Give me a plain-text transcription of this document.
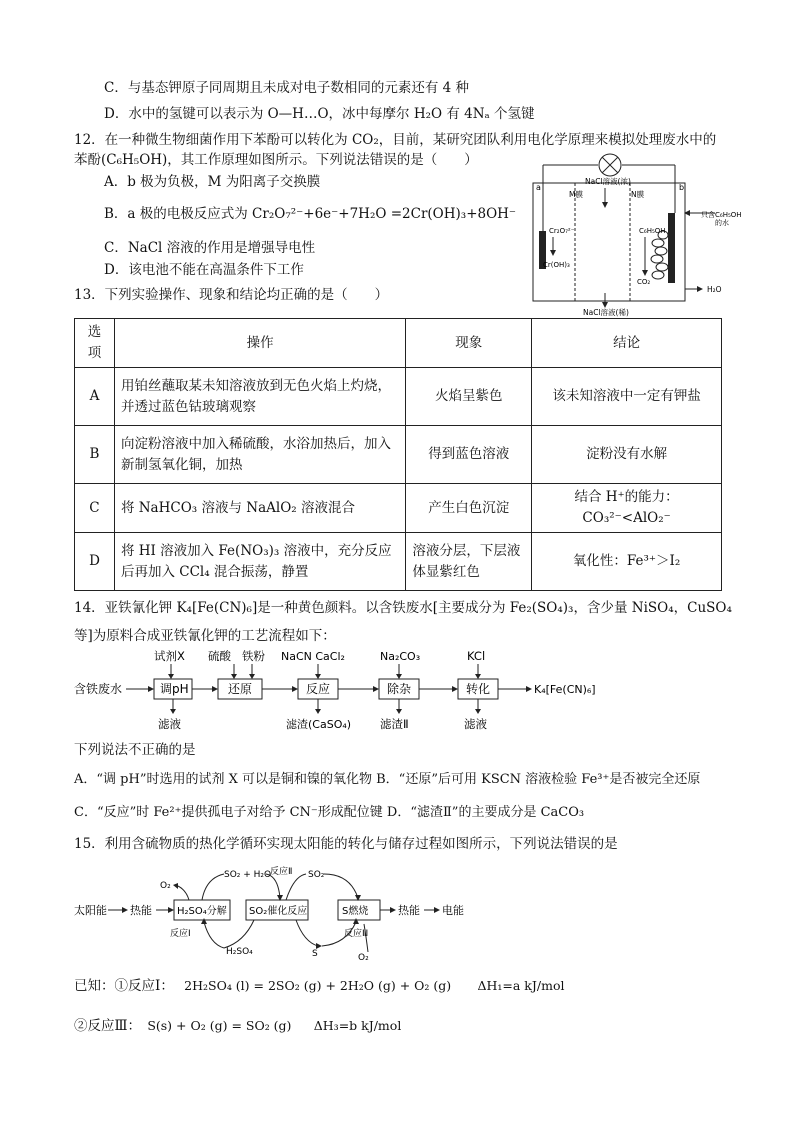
C．与基态钾原子同周期且未成对电子数相同的元素还有 4 种
D．水中的氢键可以表示为 O—H…O，冰中每摩尔 H₂O 有 4Nₐ 个氢键
12．在一种微生物细菌作用下苯酚可以转化为 CO₂，目前，某研究团队利用电化学原理来模拟处理废水中的
苯酚(C₆H₅OH)，其工作原理如图所示。下列说法错误的是（　　）
A．b 极为负极，M 为阳离子交换膜
B．a 极的电极反应式为 Cr₂O₇²⁻+6e⁻+7H₂O =2Cr(OH)₃+8OH⁻
C．NaCl 溶液的作用是增强导电性
D．该电池不能在高温条件下工作
a	b
NaCl溶液(浓)
M膜	N膜
Cr₂O₇²⁻
Cr(OH)₃
C₆H₅OH
CO₂
只含C₆H₅OH
的水
H₂O
NaCl溶液(稀)
13．下列实验操作、现象和结论均正确的是（　　）
选项	操作	现象	结论
A	用铂丝蘸取某未知溶液放到无色火焰上灼烧，并透过蓝色钴玻璃观察	火焰呈紫色	该未知溶液中一定有钾盐
B	向淀粉溶液中加入稀硫酸，水浴加热后，加入新制氢氧化铜，加热	得到蓝色溶液	淀粉没有水解
C	将 NaHCO₃ 溶液与 NaAlO₂ 溶液混合	产生白色沉淀	结合 H⁺的能力：CO₃²⁻<AlO₂⁻
D	将 HI 溶液加入 Fe(NO₃)₃ 溶液中，充分反应后再加入 CCl₄ 混合振荡，静置	溶液分层，下层液体显紫红色	氧化性：Fe³⁺＞I₂
14．亚铁氰化钾 K₄[Fe(CN)₆]是一种黄色颜料。以含铁废水[主要成分为 Fe₂(SO₄)₃，含少量 NiSO₄，CuSO₄
等]为原料合成亚铁氰化钾的工艺流程如下：
含铁废水	调pH	还原	反应	除杂	转化	K₄[Fe(CN)₆]
试剂X 硫酸 铁粉 NaCN CaCl₂	Na₂CO₃	KCl
滤液	滤渣(CaSO₄)	滤渣Ⅱ	滤液
下列说法不正确的是
A．“调 pH”时选用的试剂 X 可以是铜和镍的氧化物 B．“还原”后可用 KSCN 溶液检验 Fe³⁺是否被完全还原
C．“反应”时 Fe²⁺提供孤电子对给予 CN⁻形成配位键 D．“滤渣Ⅱ”的主要成分是 CaCO₃
15．利用含硫物质的热化学循环实现太阳能的转化与储存过程如图所示，下列说法错误的是
太阳能 热能	H₂SO₄分解 SO₂催化反应	S燃烧	热能 电能
O₂
SO₂ + H₂O
反应Ⅱ SO₂
反应Ⅰ
H₂SO₄	S
反应Ⅲ
O₂
已知：①反应Ⅰ： 2H₂SO₄ (l) = 2SO₂ (g) + 2H₂O (g) + O₂ (g) ΔH₁=a kJ/mol
②反应Ⅲ： S(s) + O₂ (g) = SO₂ (g) ΔH₃=b kJ/mol
